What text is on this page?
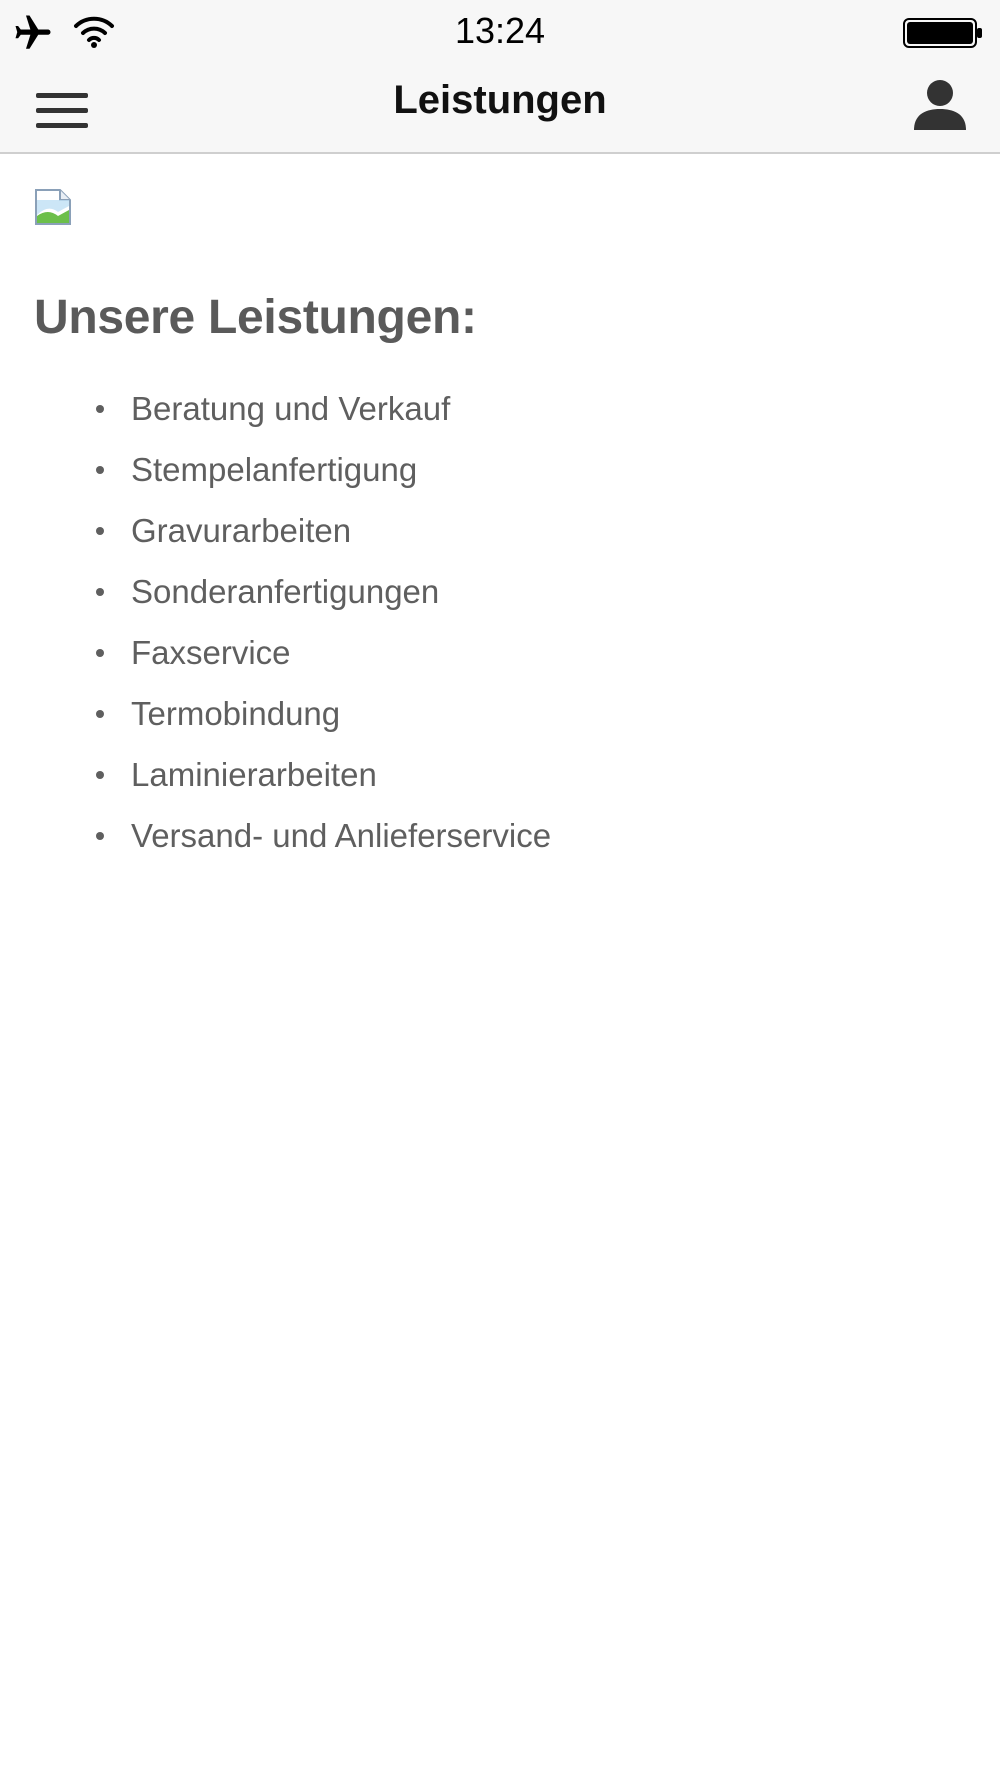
13:24
Leistungen
Unsere Leistungen:
Beratung und Verkauf
Stempelanfertigung
Gravurarbeiten
Sonderanfertigungen
Faxservice
Termobindung
Laminierarbeiten
Versand- und Anlieferservice
